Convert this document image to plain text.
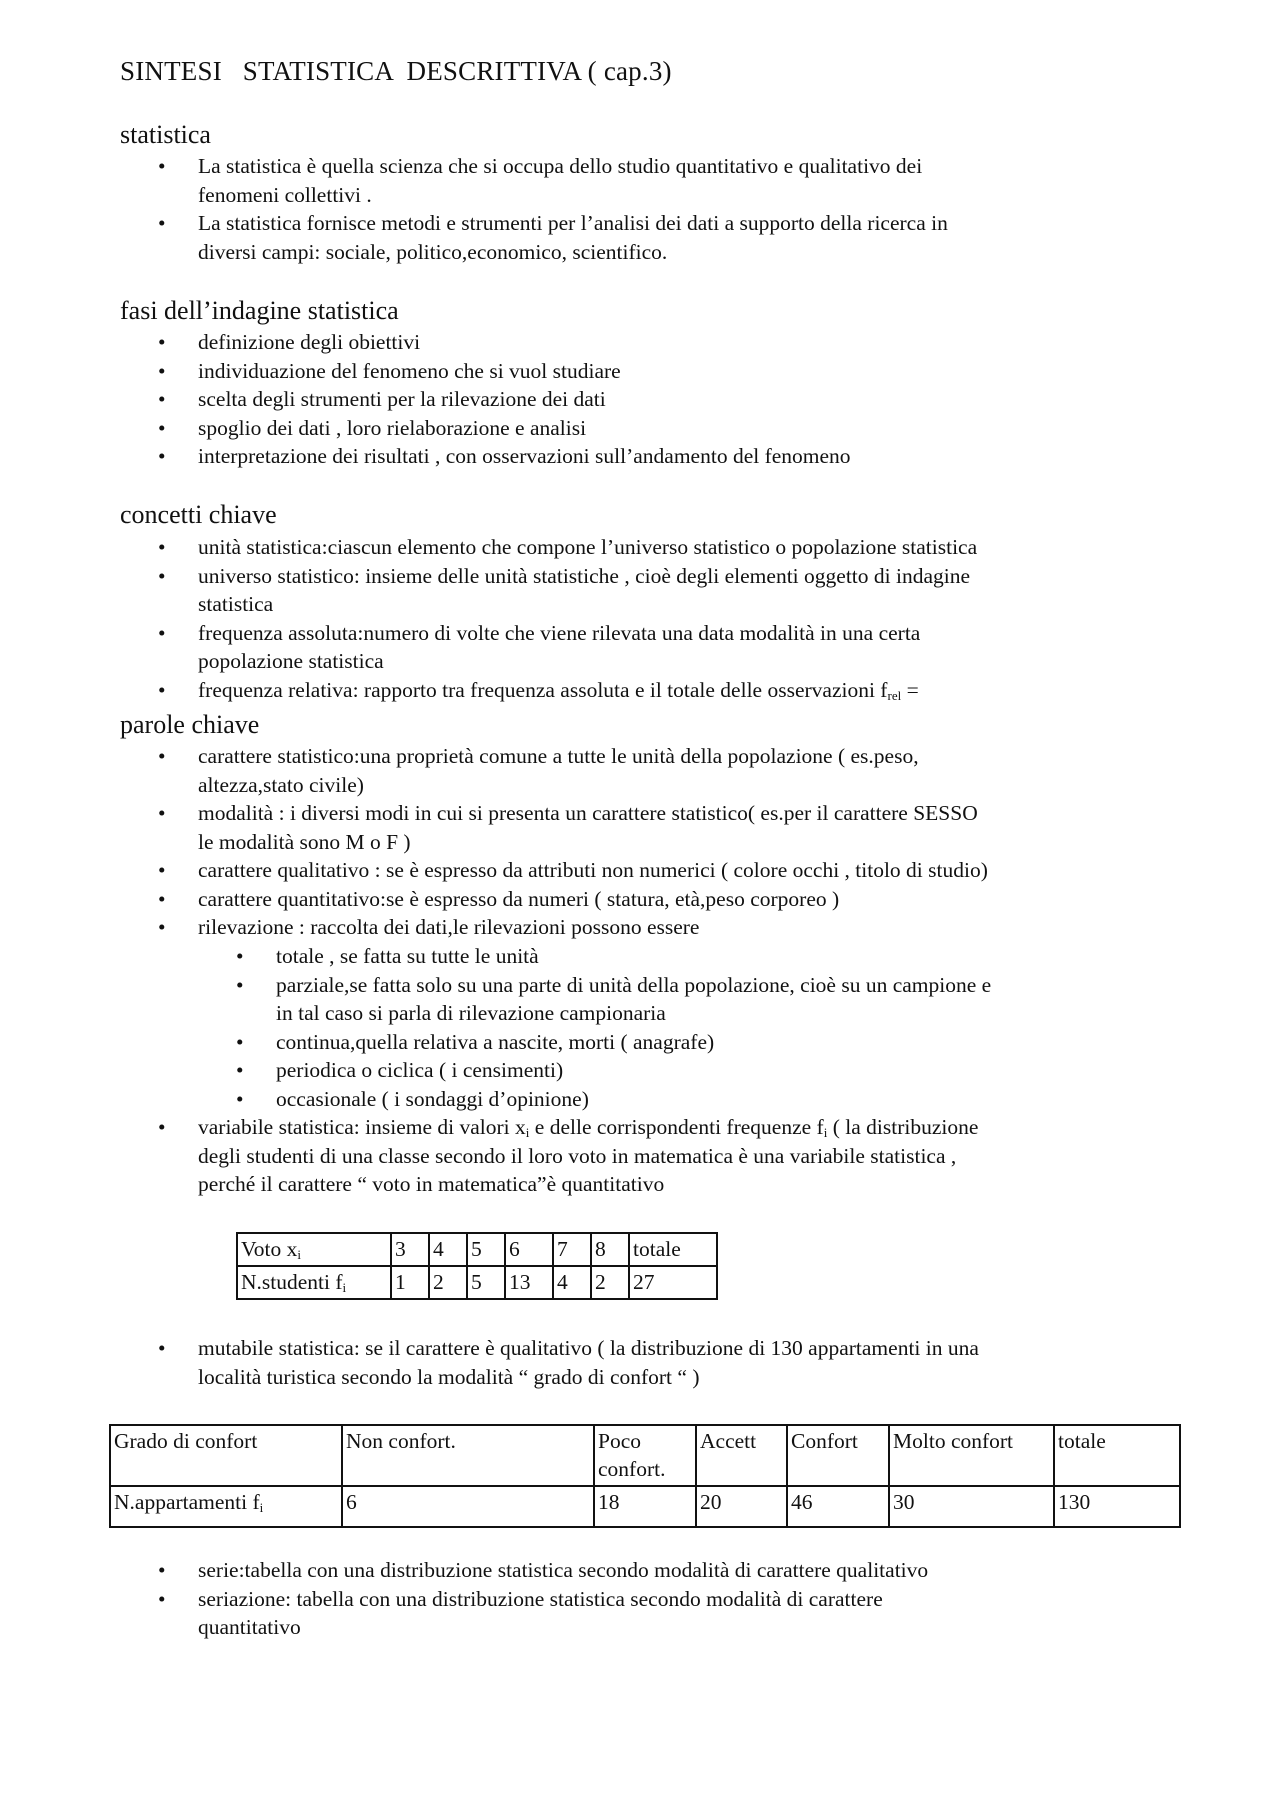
SINTESI   STATISTICA  DESCRITTIVA ( cap.3)
statistica
• La statistica è quella scienza che si occupa dello studio quantitativo e qualitativo dei
fenomeni collettivi .
• La statistica fornisce metodi e strumenti per l’analisi dei dati a supporto della ricerca in
diversi campi: sociale, politico,economico, scientifico.
fasi dell’indagine statistica
• definizione degli obiettivi
• individuazione del fenomeno che si vuol studiare
• scelta degli strumenti per la rilevazione dei dati
• spoglio dei dati , loro rielaborazione e analisi
• interpretazione dei risultati , con osservazioni sull’andamento del fenomeno
concetti chiave
• unità statistica:ciascun elemento che compone l’universo statistico o popolazione statistica
• universo statistico: insieme delle unità statistiche , cioè degli elementi oggetto di indagine
statistica
• frequenza assoluta:numero di volte che viene rilevata una data modalità in una certa
popolazione statistica
• frequenza relativa: rapporto tra frequenza assoluta e il totale delle osservazioni $f_{rel}$ =
parole chiave
• carattere statistico:una proprietà comune a tutte le unità della popolazione ( es.peso,
altezza,stato civile)
• modalità : i diversi modi in cui si presenta un carattere statistico( es.per il carattere SESSO
le modalità sono M o F )
• carattere qualitativo : se è espresso da attributi non numerici ( colore occhi , titolo di studio)
• carattere quantitativo:se è espresso da numeri ( statura, età,peso corporeo )
• rilevazione : raccolta dei dati,le rilevazioni possono essere
• totale , se fatta su tutte le unità
• parziale,se fatta solo su una parte di unità della popolazione, cioè su un campione e
in tal caso si parla di rilevazione campionaria
• continua,quella relativa a nascite, morti ( anagrafe)
• periodica o ciclica ( i censimenti)
• occasionale ( i sondaggi d’opinione)
• variabile statistica: insieme di valori $x_i$ e delle corrispondenti frequenze $f_i$ ( la distribuzione
degli studenti di una classe secondo il loro voto in matematica è una variabile statistica ,
perché il carattere “ voto in matematica”è quantitativo
Voto $x_i$	3	4	5	6	7	8	totale
N.studenti $f_i$	1	2	5	13	4	2	27
• mutabile statistica: se il carattere è qualitativo ( la distribuzione di 130 appartamenti in una
località turistica secondo la modalità “ grado di confort “ )
Grado di confort	Non confort.	Poco confort.	Accett	Confort	Molto confort	totale
N.appartamenti $f_i$	6	18	20	46	30	130
• serie:tabella con una distribuzione statistica secondo modalità di carattere qualitativo
• seriazione: tabella con una distribuzione statistica secondo modalità di carattere
quantitativo
